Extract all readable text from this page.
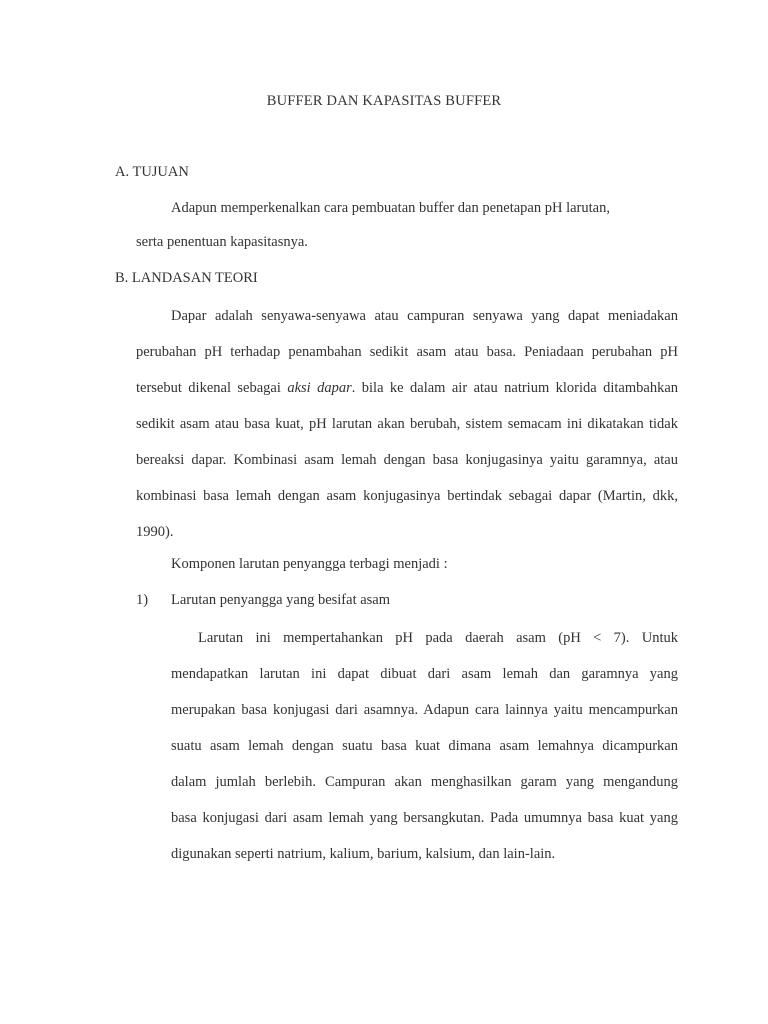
BUFFER DAN KAPASITAS BUFFER
A. TUJUAN
Adapun memperkenalkan cara pembuatan buffer dan penetapan pH larutan,
serta penentuan kapasitasnya.
B. LANDASAN TEORI
Dapar adalah senyawa-senyawa atau campuran senyawa yang dapat meniadakan
perubahan pH terhadap penambahan sedikit asam atau basa. Peniadaan perubahan pH
tersebut dikenal sebagai aksi dapar. bila ke dalam air atau natrium klorida ditambahkan
sedikit asam atau basa kuat, pH larutan akan berubah, sistem semacam ini dikatakan tidak
bereaksi dapar. Kombinasi asam lemah dengan basa konjugasinya yaitu garamnya, atau
kombinasi basa lemah dengan asam konjugasinya bertindak sebagai dapar (Martin, dkk,
1990).
Komponen larutan penyangga terbagi menjadi :
1) Larutan penyangga yang besifat asam
Larutan ini mempertahankan pH pada daerah asam (pH < 7). Untuk
mendapatkan larutan ini dapat dibuat dari asam lemah dan garamnya yang
merupakan basa konjugasi dari asamnya. Adapun cara lainnya yaitu mencampurkan
suatu asam lemah dengan suatu basa kuat dimana asam lemahnya dicampurkan
dalam jumlah berlebih. Campuran akan menghasilkan garam yang mengandung
basa konjugasi dari asam lemah yang bersangkutan. Pada umumnya basa kuat yang
digunakan seperti natrium, kalium, barium, kalsium, dan lain-lain.
